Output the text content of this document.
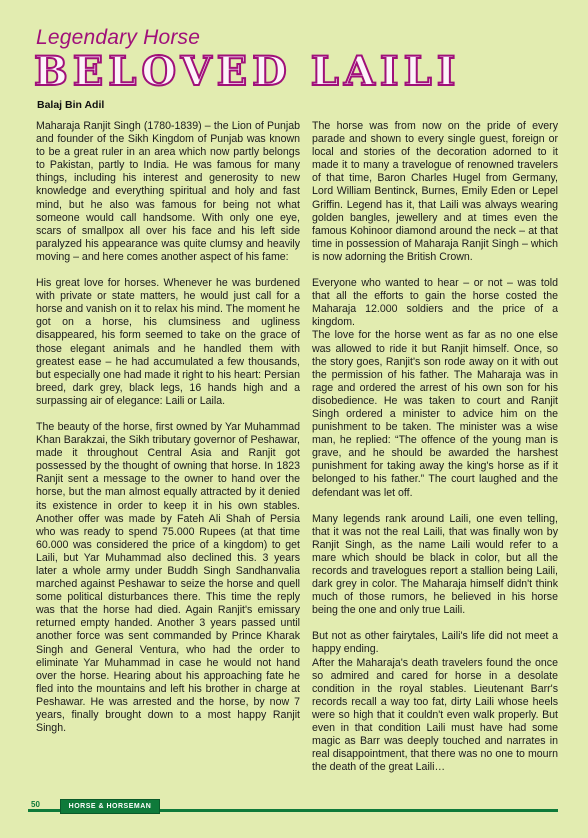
Legendary Horse
BELOVED LAILI
Balaj Bin Adil

Maharaja Ranjit Singh (1780-1839) – the Lion of Punjab and founder of the Sikh Kingdom of Punjab was known to be a great ruler in an area which now partly belongs to Pakistan, partly to India. He was famous for many things, including his interest and generosity to new knowledge and everything spiritual and holy and fast mind, but he also was famous for being not what someone would call handsome. With only one eye, scars of smallpox all over his face and his left side paralyzed his appearance was quite clumsy and heavily moving – and here comes another aspect of his fame:

His great love for horses. Whenever he was burdened with private or state matters, he would just call for a horse and vanish on it to relax his mind. The moment he got on a horse, his clumsiness and ugliness disappeared, his form seemed to take on the grace of those elegant animals and he handled them with greatest ease – he had accumulated a few thousands, but especially one had made it right to his heart: Persian breed, dark grey, black legs, 16 hands high and a surpassing air of elegance: Laili or Laila.

The beauty of the horse, first owned by Yar Muhammad Khan Barakzai, the Sikh tributary governor of Peshawar, made it throughout Central Asia and Ranjit got possessed by the thought of owning that horse. In 1823 Ranjit sent a message to the owner to hand over the horse, but the man almost equally attracted by it denied its existence in order to keep it in his own stables. Another offer was made by Fateh Ali Shah of Persia who was ready to spend 75.000 Rupees (at that time 60.000 was considered the price of a kingdom) to get Laili, but Yar Muhammad also declined this. 3 years later a whole army under Buddh Singh Sandhanvalia marched against Peshawar to seize the horse and quell some political disturbances there. This time the reply was that the horse had died. Again Ranjit's emissary returned empty handed. Another 3 years passed until another force was sent commanded by Prince Kharak Singh and General Ventura, who had the order to eliminate Yar Muhammad in case he would not hand over the horse. Hearing about his approaching fate he fled into the mountains and left his brother in charge at Peshawar. He was arrested and the horse, by now 7 years, finally brought down to a most happy Ranjit Singh.

The horse was from now on the pride of every parade and shown to every single guest, foreign or local and stories of the decoration adorned to it made it to many a travelogue of renowned travelers of that time, Baron Charles Hugel from Germany, Lord William Bentinck, Burnes, Emily Eden or Lepel Griffin. Legend has it, that Laili was always wearing golden bangles, jewellery and at times even the famous Kohinoor diamond around the neck – at that time in possession of Maharaja Ranjit Singh – which is now adorning the British Crown.

Everyone who wanted to hear – or not – was told that all the efforts to gain the horse costed the Maharaja 12.000 soldiers and the price of a kingdom.

The love for the horse went as far as no one else was allowed to ride it but Ranjit himself. Once, so the story goes, Ranjit's son rode away on it with out the permission of his father. The Maharaja was in rage and ordered the arrest of his own son for his disobedience. He was taken to court and Ranjit Singh ordered a minister to advice him on the punishment to be taken. The minister was a wise man, he replied: “The offence of the young man is grave, and he should be awarded the harshest punishment for taking away the king's horse as if it belonged to his father.” The court laughed and the defendant was let off.

Many legends rank around Laili, one even telling, that it was not the real Laili, that was finally won by Ranjit Singh, as the name Laili would refer to a mare which should be black in color, but all the records and travelogues report a stallion being Laili, dark grey in color. The Maharaja himself didn't think much of those rumors, he believed in his horse being the one and only true Laili.

But not as other fairytales, Laili's life did not meet a happy ending.

After the Maharaja's death travelers found the once so admired and cared for horse in a desolate condition in the royal stables. Lieutenant Barr's records recall a way too fat, dirty Laili whose heels were so high that it couldn't even walk properly. But even in that condition Laili must have had some magic as Barr was deeply touched and narrates in real disappointment, that there was no one to mourn the death of the great Laili…

50	HORSE & HORSEMAN
